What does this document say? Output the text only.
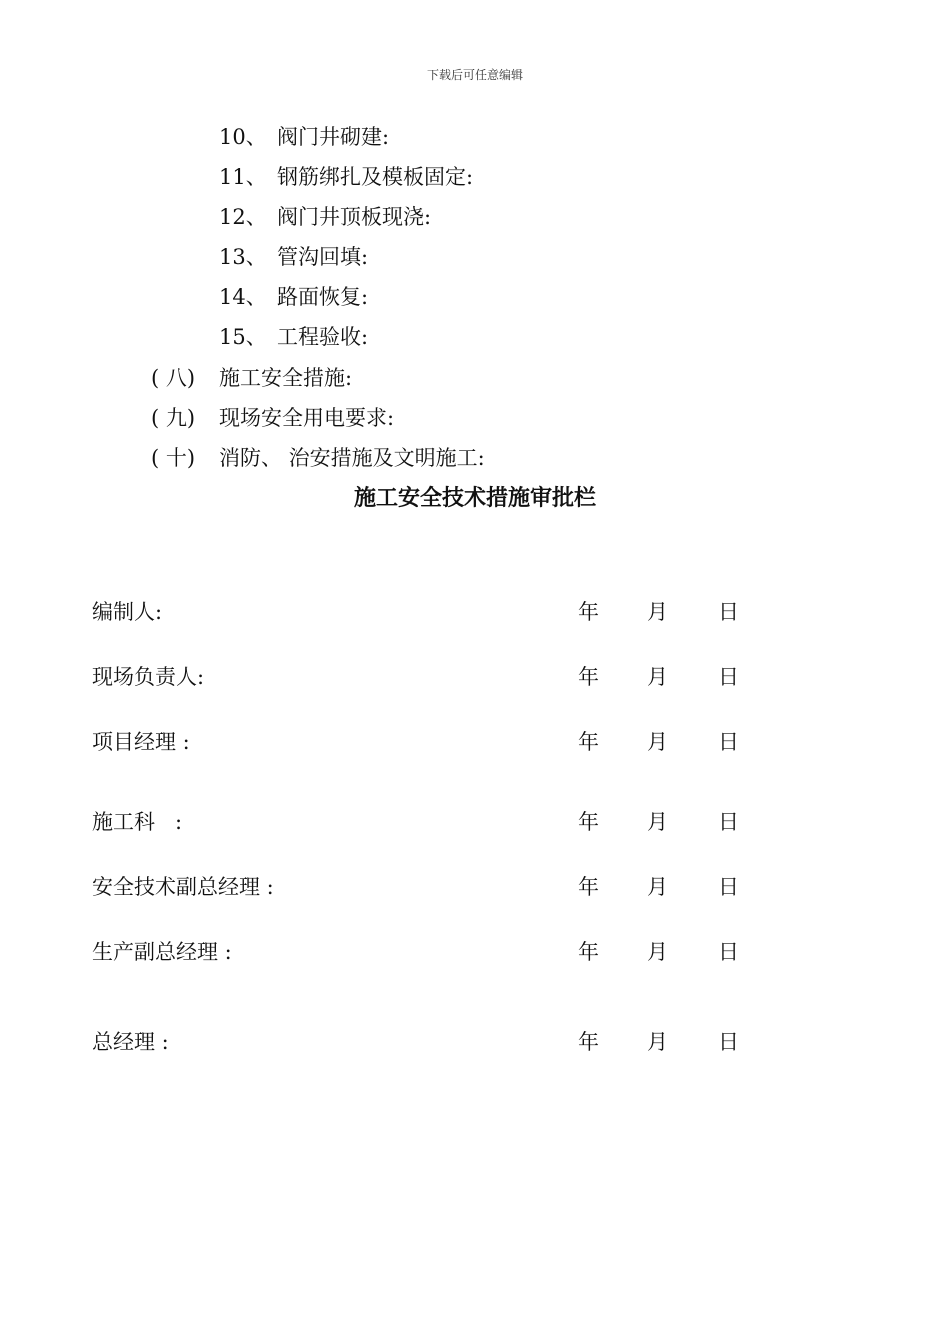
下载后可任意编辑
10、 阀门井砌建:
11、 钢筋绑扎及模板固定:
12、 阀门井顶板现浇:
13、 管沟回填:
14、 路面恢复:
15、 工程验收:
( 八) 施工安全措施:
( 九) 现场安全用电要求:
( 十) 消防、 治安措施及文明施工:
施工安全技术措施审批栏
编制人:	年 月 日
现场负责人:	年 月 日
项目经理 :	年 月 日
施工科   :	年 月 日
安全技术副总经理 :	年 月 日
生产副总经理 :	年 月 日
总经理 :	年 月 日
